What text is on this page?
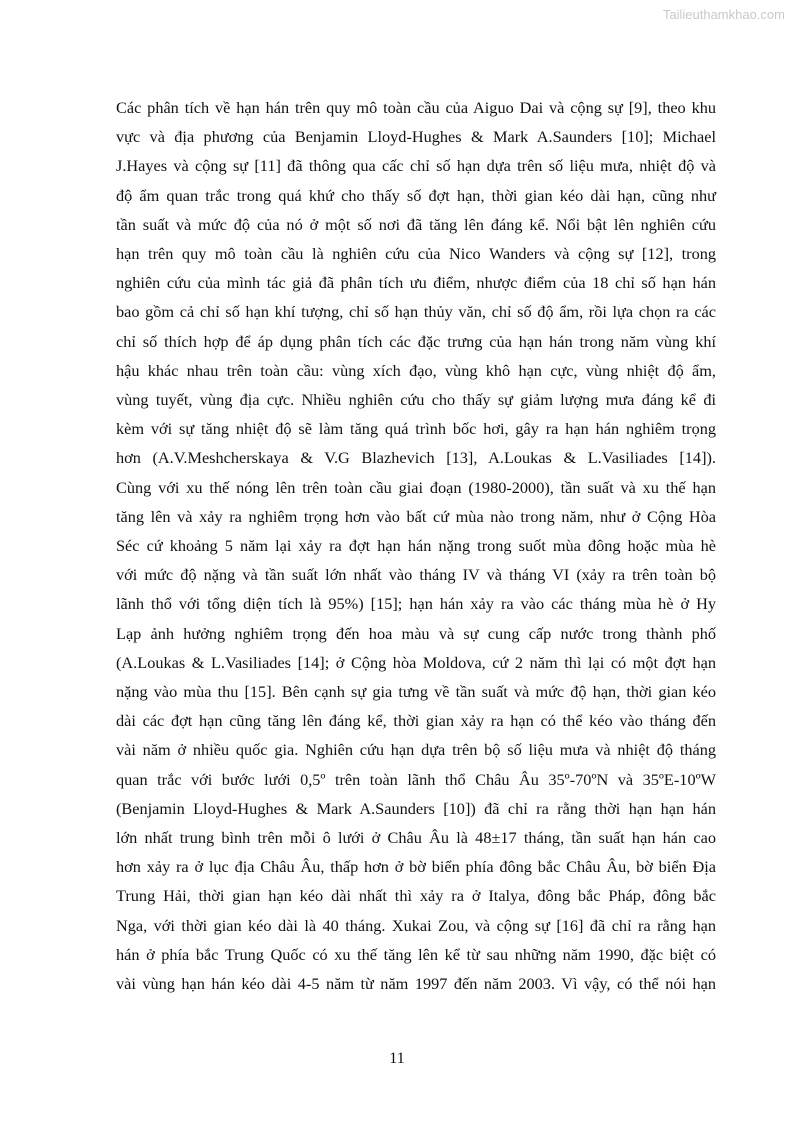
Tailieuthamkhao.com
Các phân tích về hạn hán trên quy mô toàn cầu của Aiguo Dai và cộng sự [9], theo khu
vực và địa phương của Benjamin Lloyd-Hughes & Mark A.Saunders [10]; Michael
J.Hayes và cộng sự [11] đã thông qua cấc chỉ số hạn dựa trên số liệu mưa, nhiệt độ và
độ ẩm quan trắc trong quá khứ cho thấy số đợt hạn, thời gian kéo dài hạn, cũng như
tần suất và mức độ của nó ở một số nơi đã tăng lên đáng kể. Nổi bật lên nghiên cứu
hạn trên quy mô toàn cầu là nghiên cứu của Nico Wanders và cộng sự [12], trong
nghiên cứu của mình tác giả đã phân tích ưu điểm, nhược điểm của 18 chỉ số hạn hán
bao gồm cả chỉ số hạn khí tượng, chỉ số hạn thủy văn, chỉ số độ ẩm, rồi lựa chọn ra các
chỉ số thích hợp để áp dụng phân tích các đặc trưng của hạn hán trong năm vùng khí
hậu khác nhau trên toàn cầu: vùng xích đạo, vùng khô hạn cực, vùng nhiệt độ ẩm,
vùng tuyết, vùng địa cực. Nhiều nghiên cứu cho thấy sự giảm lượng mưa đáng kể đi
kèm với sự tăng nhiệt độ sẽ làm tăng quá trình bốc hơi, gây ra hạn hán nghiêm trọng
hơn (A.V.Meshcherskaya & V.G Blazhevich [13], A.Loukas & L.Vasiliades [14]).
Cùng với xu thế nóng lên trên toàn cầu giai đoạn (1980-2000), tần suất và xu thế hạn
tăng lên và xảy ra nghiêm trọng hơn vào bất cứ mùa nào trong năm, như ở Cộng Hòa
Séc cứ khoảng 5 năm lại xảy ra đợt hạn hán nặng trong suốt mùa đông hoặc mùa hè
với mức độ nặng và tần suất lớn nhất vào tháng IV và tháng VI (xảy ra trên toàn bộ
lãnh thổ với tổng diện tích là 95%) [15]; hạn hán xảy ra vào các tháng mùa hè ở Hy
Lạp ảnh hưởng nghiêm trọng đến hoa màu và sự cung cấp nước trong thành phố
(A.Loukas & L.Vasiliades [14]; ở Cộng hòa Moldova, cứ 2 năm thì lại có một đợt hạn
nặng vào mùa thu [15]. Bên cạnh sự gia tưng về tần suất và mức độ hạn, thời gian kéo
dài các đợt hạn cũng tăng lên đáng kể, thời gian xảy ra hạn có thể kéo vào tháng đến
vài năm ở nhiều quốc gia. Nghiên cứu hạn dựa trên bộ số liệu mưa và nhiệt độ tháng
quan trắc với bước lưới 0,5º trên toàn lãnh thổ Châu Âu 35º-70ºN và 35ºE-10ºW
(Benjamin Lloyd-Hughes & Mark A.Saunders [10]) đã chỉ ra rằng thời hạn hạn hán
lớn nhất trung bình trên mỗi ô lưới ở Châu Âu là 48±17 tháng, tần suất hạn hán cao
hơn xảy ra ở lục địa Châu Âu, thấp hơn ở bờ biển phía đông bắc Châu Âu, bờ biển Địa
Trung Hải, thời gian hạn kéo dài nhất thì xảy ra ở Italya, đông bắc Pháp, đông bắc
Nga, với thời gian kéo dài là 40 tháng. Xukai Zou, và cộng sự [16] đã chỉ ra rằng hạn
hán ở phía bắc Trung Quốc có xu thế tăng lên kể từ sau những năm 1990, đặc biệt có
vài vùng hạn hán kéo dài 4-5 năm từ năm 1997 đến năm 2003. Vì vậy, có thể nói hạn
11
